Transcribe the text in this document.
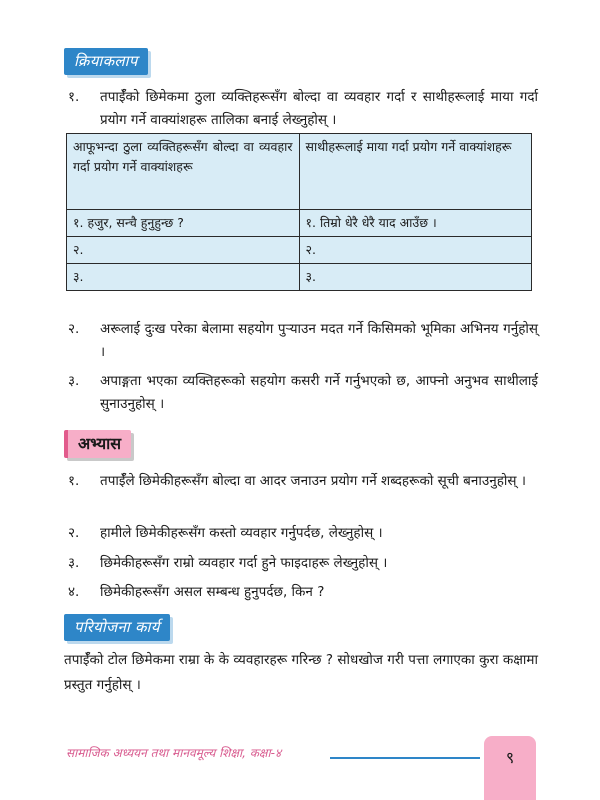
क्रियाकलाप
१.	तपाईँको छिमेकमा ठुला व्यक्तिहरूसँग बोल्दा वा व्यवहार गर्दा र साथीहरूलाई माया गर्दा प्रयोग गर्ने वाक्यांशहरू तालिका बनाई लेख्नुहोस् ।
आफूभन्दा ठुला व्यक्तिहरूसँग बोल्दा वा व्यवहार गर्दा प्रयोग गर्ने वाक्यांशहरू	साथीहरूलाई माया गर्दा प्रयोग गर्ने वाक्यांशहरू
१. हजुर, सन्चै हुनुहुन्छ ?	१. तिम्रो धेरै धेरै याद आउँछ ।
२.	२.
३.	३.
२.	अरूलाई दुःख परेका बेलामा सहयोग पुऱ्याउन मदत गर्ने किसिमको भूमिका अभिनय गर्नुहोस् ।
३.	अपाङ्गता भएका व्यक्तिहरूको सहयोग कसरी गर्ने गर्नुभएको छ, आफ्नो अनुभव साथीलाई सुनाउनुहोस् ।
अभ्यास
१.	तपाईँले छिमेकीहरूसँग बोल्दा वा आदर जनाउन प्रयोग गर्ने शब्दहरूको सूची बनाउनुहोस् ।
२.	हामीले छिमेकीहरूसँग कस्तो व्यवहार गर्नुपर्दछ, लेख्नुहोस् ।
३.	छिमेकीहरूसँग राम्रो व्यवहार गर्दा हुने फाइदाहरू लेख्नुहोस् ।
४.	छिमेकीहरूसँग असल सम्बन्ध हुनुपर्दछ, किन ?
परियोजना कार्य
तपाईँको टोल छिमेकमा राम्रा के के व्यवहारहरू गरिन्छ ? सोधखोज गरी पत्ता लगाएका कुरा कक्षामा प्रस्तुत गर्नुहोस् ।
सामाजिक अध्ययन तथा मानवमूल्य शिक्षा, कक्षा-४	९
